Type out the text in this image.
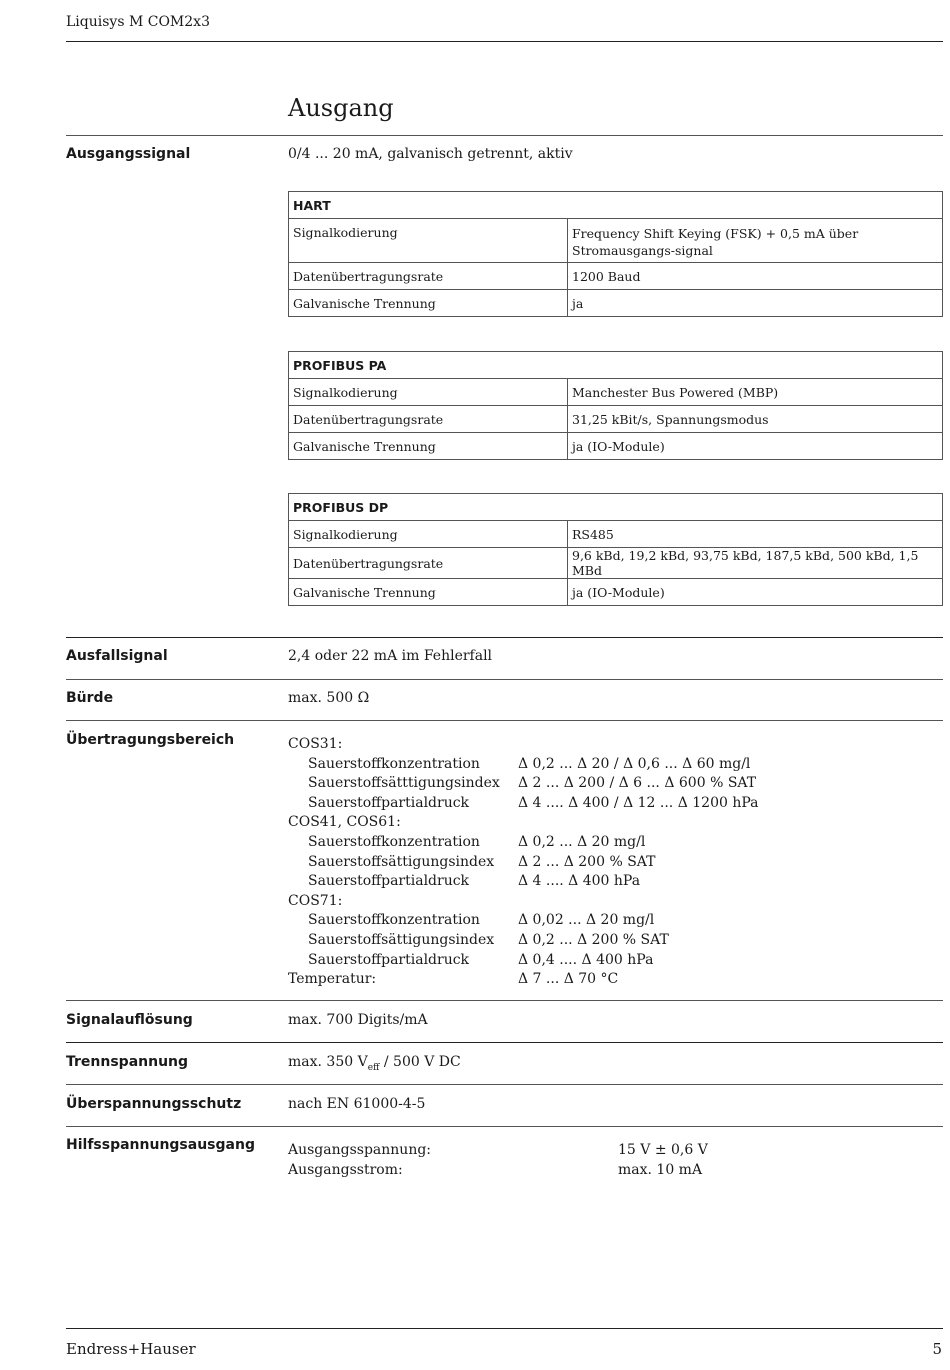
Liquisys M COM2x3
Ausgang
Ausgangssignal	0/4 ... 20 mA, galvanisch getrennt, aktiv
HART	
Signalkodierung	Frequency Shift Keying (FSK) + 0,5 mA über Stromausgangs-signal
Datenübertragungsrate	1200 Baud
Galvanische Trennung	ja
PROFIBUS PA	
Signalkodierung	Manchester Bus Powered (MBP)
Datenübertragungsrate	31,25 kBit/s, Spannungsmodus
Galvanische Trennung	ja (IO-Module)
PROFIBUS DP	
Signalkodierung	RS485
Datenübertragungsrate	9,6 kBd, 19,2 kBd, 93,75 kBd, 187,5 kBd, 500 kBd, 1,5 MBd
Galvanische Trennung	ja (IO-Module)
Ausfallsignal	2,4 oder 22 mA im Fehlerfall
Bürde	max. 500 Ω
Übertragungsbereich	COS31:
Sauerstoffkonzentration	Δ 0,2 ... Δ 20 / Δ 0,6 ... Δ 60 mg/l
Sauerstoffsätttigungsindex	Δ 2 ... Δ 200 / Δ 6 ... Δ 600 % SAT
Sauerstoffpartialdruck	Δ 4 .... Δ 400 / Δ 12 ... Δ 1200 hPa
COS41, COS61:
Sauerstoffkonzentration	Δ 0,2 ... Δ 20 mg/l
Sauerstoffsättigungsindex	Δ 2 ... Δ 200 % SAT
Sauerstoffpartialdruck	Δ 4 .... Δ 400 hPa
COS71:
Sauerstoffkonzentration	Δ 0,02 ... Δ 20 mg/l
Sauerstoffsättigungsindex	Δ 0,2 ... Δ 200 % SAT
Sauerstoffpartialdruck	Δ 0,4 .... Δ 400 hPa
Temperatur:	Δ 7 ... Δ 70 °C
Signalauflösung	max. 700 Digits/mA
Trennspannung	max. 350 $V_{eff} / 500$ V DC
Überspannungsschutz	nach EN 61000-4-5
Hilfsspannungsausgang Ausgangsspannung:	15 V ± 0,6 V
Ausgangsstrom:	max. 10 mA
Endress+Hauser	5
